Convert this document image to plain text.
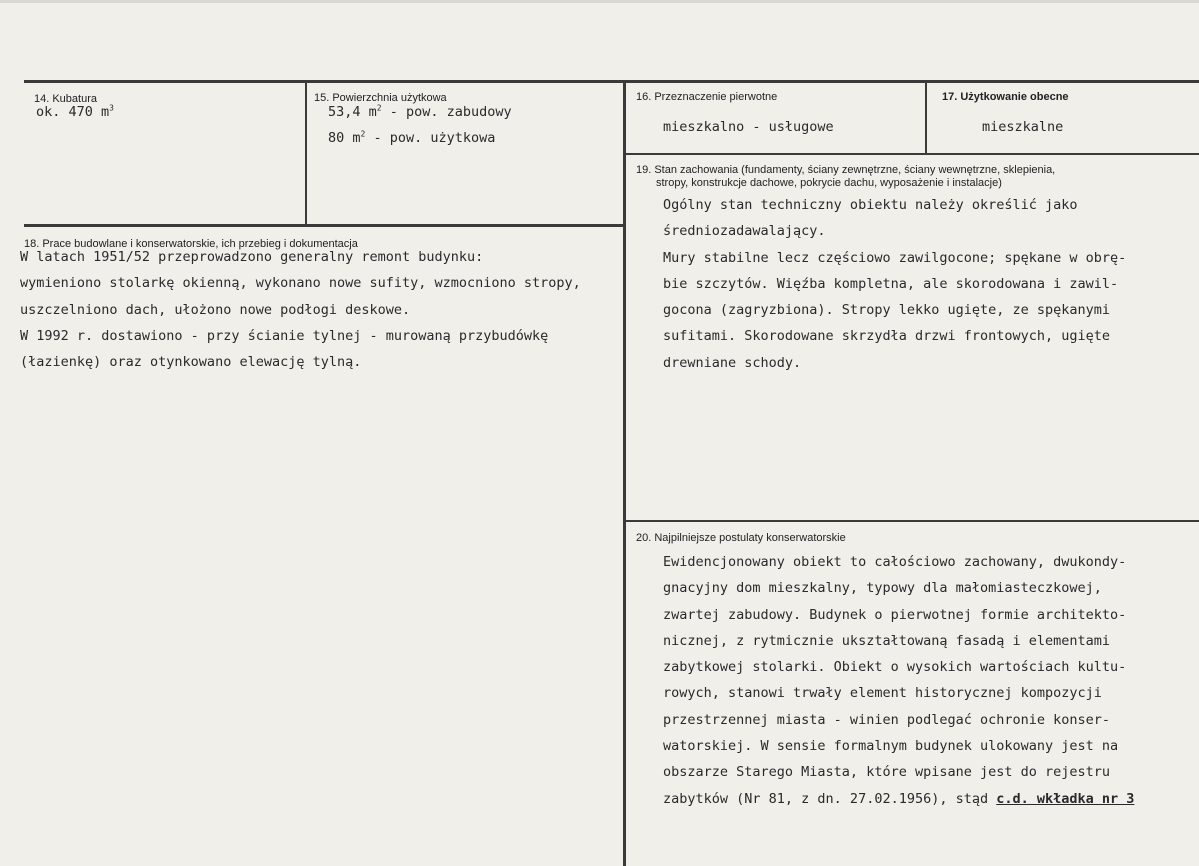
14. Kubatura
ok. 470 $m^3$
15. Powierzchnia użytkowa
53,4 $m^2$ - pow. zabudowy
80 $m^2$ - pow. użytkowa
16. Przeznaczenie pierwotne
mieszkalno - usługowe
17. Użytkowanie obecne
mieszkalne
18. Prace budowlane i konserwatorskie, ich przebieg i dokumentacja
W latach 1951/52 przeprowadzono generalny remont budynku:
wymieniono stolarkę okienną, wykonano nowe sufity, wzmocniono stropy,
uszczelniono dach, ułożono nowe podłogi deskowe.
W 1992 r. dostawiono - przy ścianie tylnej - murowaną przybudówkę
(łazienkę) oraz otynkowano elewację tylną.
19. Stan zachowania (fundamenty, ściany zewnętrzne, ściany wewnętrzne, sklepienia,
stropy, konstrukcje dachowe, pokrycie dachu, wyposażenie i instalacje)
Ogólny stan techniczny obiektu należy określić jako
średniozadawalający.
Mury stabilne lecz częściowo zawilgocone; spękane w obrę-
bie szczytów. Więźba kompletna, ale skorodowana i zawil-
gocona (zagryzbiona). Stropy lekko ugięte, ze spękanymi
sufitami. Skorodowane skrzydła drzwi frontowych, ugięte
drewniane schody.
20. Najpilniejsze postulaty konserwatorskie
Ewidencjonowany obiekt to całościowo zachowany, dwukondy-
gnacyjny dom mieszkalny, typowy dla małomiasteczkowej,
zwartej zabudowy. Budynek o pierwotnej formie architekto-
nicznej, z rytmicznie ukształtowaną fasadą i elementami
zabytkowej stolarki. Obiekt o wysokich wartościach kultu-
rowych, stanowi trwały element historycznej kompozycji
przestrzennej miasta - winien podlegać ochronie konser-
watorskiej. W sensie formalnym budynek ulokowany jest na
obszarze Starego Miasta, które wpisane jest do rejestru
zabytków (Nr 81, z dn. 27.02.1956), stąd c.d. wkładka nr 3
